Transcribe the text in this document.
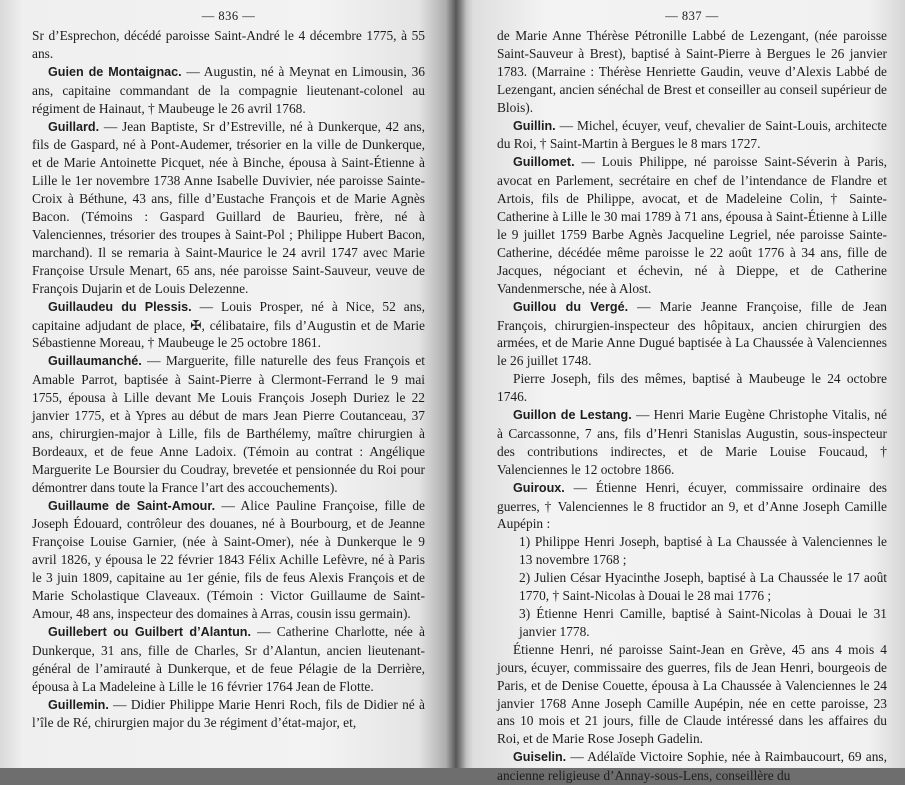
— 836 —

Sr d’Esprechon, décédé paroisse Saint-André le 4 décembre 1775, à 55 ans.

Guien de Montaignac. — Augustin, né à Meynat en Limousin, 36 ans, capitaine commandant de la compagnie lieutenant-colonel au régiment de Hainaut, † Maubeuge le 26 avril 1768.

Guillard. — Jean Baptiste, Sr d’Estreville, né à Dunkerque, 42 ans, fils de Gaspard, né à Pont-Audemer, trésorier en la ville de Dunkerque, et de Marie Antoinette Picquet, née à Binche, épousa à Saint-Étienne à Lille le 1er novembre 1738 Anne Isabelle Duvivier, née paroisse Sainte-Croix à Béthune, 43 ans, fille d’Eustache François et de Marie Agnès Bacon. (Témoins : Gaspard Guillard de Baurieu, frère, né à Valenciennes, trésorier des troupes à Saint-Pol ; Philippe Hubert Bacon, marchand). Il se remaria à Saint-Maurice le 24 avril 1747 avec Marie Françoise Ursule Menart, 65 ans, née paroisse Saint-Sauveur, veuve de François Dujarin et de Louis Delezenne.

Guillaudeu du Plessis. — Louis Prosper, né à Nice, 52 ans, capitaine adjudant de place, ✠, célibataire, fils d’Augustin et de Marie Sébastienne Moreau, † Maubeuge le 25 octobre 1861.

Guillaumanché. — Marguerite, fille naturelle des feus François et Amable Parrot, baptisée à Saint-Pierre à Clermont-Ferrand le 9 mai 1755, épousa à Lille devant Me Louis François Joseph Duriez le 22 janvier 1775, et à Ypres au début de mars Jean Pierre Coutanceau, 37 ans, chirurgien-major à Lille, fils de Barthélemy, maître chirurgien à Bordeaux, et de feue Anne Ladoix. (Témoin au contrat : Angélique Marguerite Le Boursier du Coudray, brevetée et pensionnée du Roi pour démontrer dans toute la France l’art des accouchements).

Guillaume de Saint-Amour. — Alice Pauline Françoise, fille de Joseph Édouard, contrôleur des douanes, né à Bourbourg, et de Jeanne Françoise Louise Garnier, (née à Saint-Omer), née à Dunkerque le 9 avril 1826, y épousa le 22 février 1843 Félix Achille Lefèvre, né à Paris le 3 juin 1809, capitaine au 1er génie, fils de feus Alexis François et de Marie Scholastique Claveaux. (Témoin : Victor Guillaume de Saint-Amour, 48 ans, inspecteur des domaines à Arras, cousin issu germain).

Guillebert ou Guilbert d’Alantun. — Catherine Charlotte, née à Dunkerque, 31 ans, fille de Charles, Sr d’Alantun, ancien lieutenant-général de l’amirauté à Dunkerque, et de feue Pélagie de la Derrière, épousa à La Madeleine à Lille le 16 février 1764 Jean de Flotte.

Guillemin. — Didier Philippe Marie Henri Roch, fils de Didier né à l’île de Ré, chirurgien major du 3e régiment d’état-major, et,

— 837 —

de Marie Anne Thérèse Pétronille Labbé de Lezengant, (née paroisse Saint-Sauveur à Brest), baptisé à Saint-Pierre à Bergues le 26 janvier 1783. (Marraine : Thérèse Henriette Gaudin, veuve d’Alexis Labbé de Lezengant, ancien sénéchal de Brest et conseiller au conseil supérieur de Blois).

Guillin. — Michel, écuyer, veuf, chevalier de Saint-Louis, architecte du Roi, † Saint-Martin à Bergues le 8 mars 1727.

Guillomet. — Louis Philippe, né paroisse Saint-Séverin à Paris, avocat en Parlement, secrétaire en chef de l’intendance de Flandre et Artois, fils de Philippe, avocat, et de Madeleine Colin, † Sainte-Catherine à Lille le 30 mai 1789 à 71 ans, épousa à Saint-Étienne à Lille le 9 juillet 1759 Barbe Agnès Jacqueline Legriel, née paroisse Sainte-Catherine, décédée même paroisse le 22 août 1776 à 34 ans, fille de Jacques, négociant et échevin, né à Dieppe, et de Catherine Vandenmersche, née à Alost.

Guillou du Vergé. — Marie Jeanne Françoise, fille de Jean François, chirurgien-inspecteur des hôpitaux, ancien chirurgien des armées, et de Marie Anne Dugué baptisée à La Chaussée à Valenciennes le 26 juillet 1748.

Pierre Joseph, fils des mêmes, baptisé à Maubeuge le 24 octobre 1746.

Guillon de Lestang. — Henri Marie Eugène Christophe Vitalis, né à Carcassonne, 7 ans, fils d’Henri Stanislas Augustin, sous-inspecteur des contributions indirectes, et de Marie Louise Foucaud, † Valenciennes le 12 octobre 1866.

Guiroux. — Étienne Henri, écuyer, commissaire ordinaire des guerres, † Valenciennes le 8 fructidor an 9, et d’Anne Joseph Camille Aupépin :

1) Philippe Henri Joseph, baptisé à La Chaussée à Valenciennes le 13 novembre 1768 ;

2) Julien César Hyacinthe Joseph, baptisé à La Chaussée le 17 août 1770, † Saint-Nicolas à Douai le 28 mai 1776 ;

3) Étienne Henri Camille, baptisé à Saint-Nicolas à Douai le 31 janvier 1778.

Étienne Henri, né paroisse Saint-Jean en Grève, 45 ans 4 mois 4 jours, écuyer, commissaire des guerres, fils de Jean Henri, bourgeois de Paris, et de Denise Couette, épousa à La Chaussée à Valenciennes le 24 janvier 1768 Anne Joseph Camille Aupépin, née en cette paroisse, 23 ans 10 mois et 21 jours, fille de Claude intéressé dans les affaires du Roi, et de Marie Rose Joseph Gadelin.

Guiselin. — Adélaïde Victoire Sophie, née à Raimbaucourt, 69 ans, ancienne religieuse d’Annay-sous-Lens, conseillère du
